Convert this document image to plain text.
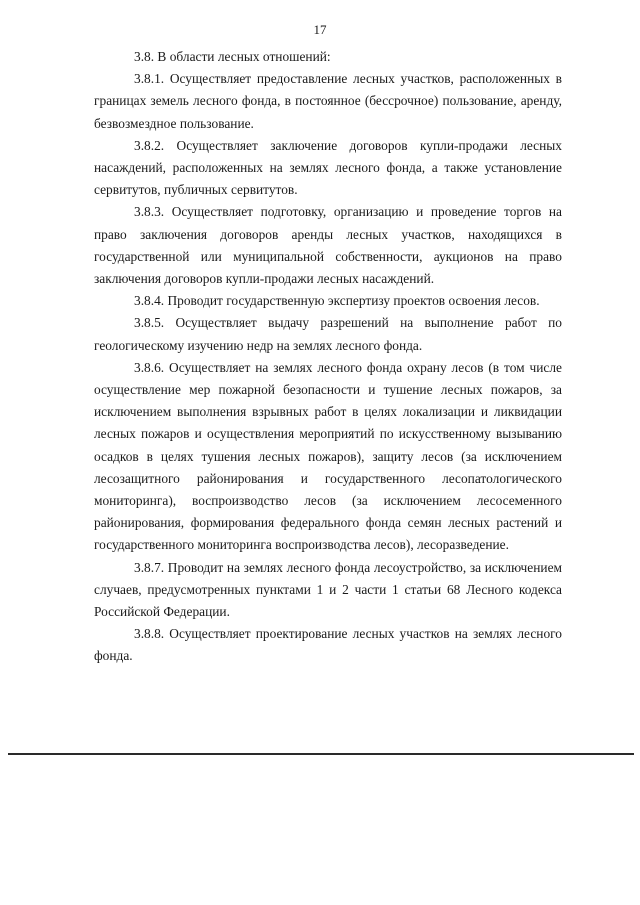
17

3.8. В области лесных отношений:

3.8.1. Осуществляет предоставление лесных участков, расположенных в границах земель лесного фонда, в постоянное (бессрочное) пользование, аренду, безвозмездное пользование.

3.8.2. Осуществляет заключение договоров купли-продажи лесных насаждений, расположенных на землях лесного фонда, а также установление сервитутов, публичных сервитутов.

3.8.3. Осуществляет подготовку, организацию и проведение торгов на право заключения договоров аренды лесных участков, находящихся в государственной или муниципальной собственности, аукционов на право заключения договоров купли-продажи лесных насаждений.

3.8.4. Проводит государственную экспертизу проектов освоения лесов.

3.8.5. Осуществляет выдачу разрешений на выполнение работ по геологическому изучению недр на землях лесного фонда.

3.8.6. Осуществляет на землях лесного фонда охрану лесов (в том числе осуществление мер пожарной безопасности и тушение лесных пожаров, за исключением выполнения взрывных работ в целях локализации и ликвидации лесных пожаров и осуществления мероприятий по искусственному вызыванию осадков в целях тушения лесных пожаров), защиту лесов (за исключением лесозащитного районирования и государственного лесопатологического мониторинга), воспроизводство лесов (за исключением лесосеменного районирования, формирования федерального фонда семян лесных растений и государственного мониторинга воспроизводства лесов), лесоразведение.

3.8.7. Проводит на землях лесного фонда лесоустройство, за исключением случаев, предусмотренных пунктами 1 и 2 части 1 статьи 68 Лесного кодекса Российской Федерации.

3.8.8. Осуществляет проектирование лесных участков на землях лесного фонда.
